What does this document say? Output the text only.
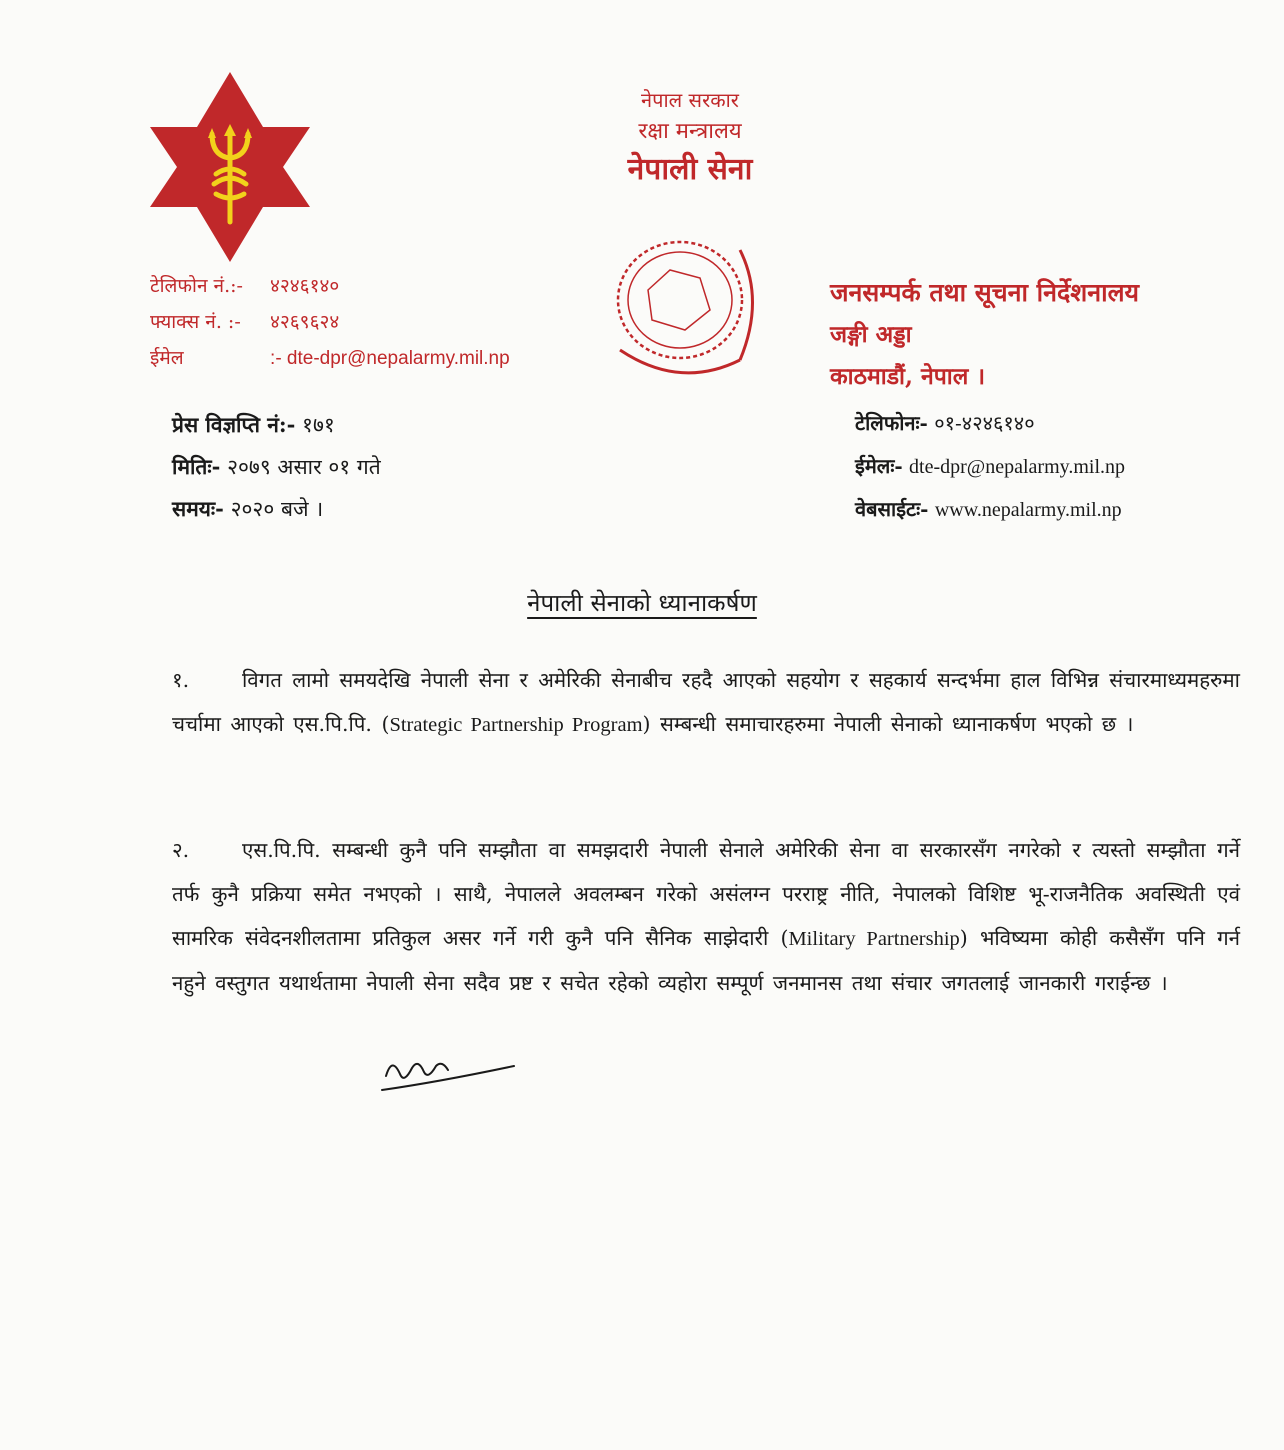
नेपाल सरकार
रक्षा मन्त्रालय
नेपाली सेना
टेलिफोन नं.:- ४२४६१४०
फ्याक्स नं. :- ४२६९६२४
ईमेल	:- dte-dpr@nepalarmy.mil.np
जनसम्पर्क तथा सूचना निर्देशनालय
जङ्गी अड्डा
काठमाडौं, नेपाल ।
प्रेस विज्ञप्ति नं:- १७१
मितिः- २०७९ असार ०१ गते
समयः- २०२० बजे ।
टेलिफोनः- ०१-४२४६१४०
ईमेलः- dte-dpr@nepalarmy.mil.np
वेबसाईटः- www.nepalarmy.mil.np
नेपाली सेनाको ध्यानाकर्षण
१.	विगत लामो समयदेखि नेपाली सेना र अमेरिकी सेनाबीच रहदै आएको सहयोग र सहकार्य सन्दर्भमा हाल विभिन्न संचारमाध्यमहरुमा चर्चामा आएको एस.पि.पि. (Strategic Partnership Program) सम्बन्धी समाचारहरुमा नेपाली सेनाको ध्यानाकर्षण भएको छ ।
२.	एस.पि.पि. सम्बन्धी कुनै पनि सम्झौता वा समझदारी नेपाली सेनाले अमेरिकी सेना वा सरकारसँग नगरेको र त्यस्तो सम्झौता गर्ने तर्फ कुनै प्रक्रिया समेत नभएको । साथै, नेपालले अवलम्बन गरेको असंलग्न परराष्ट्र नीति, नेपालको विशिष्ट भू-राजनैतिक अवस्थिती एवं सामरिक संवेदनशीलतामा प्रतिकुल असर गर्ने गरी कुनै पनि सैनिक साझेदारी (Military Partnership) भविष्यमा कोही कसैसँग पनि गर्न नहुने वस्तुगत यथार्थतामा नेपाली सेना सदैव प्रष्ट र सचेत रहेको व्यहोरा सम्पूर्ण जनमानस तथा संचार जगतलाई जानकारी गराईन्छ ।
